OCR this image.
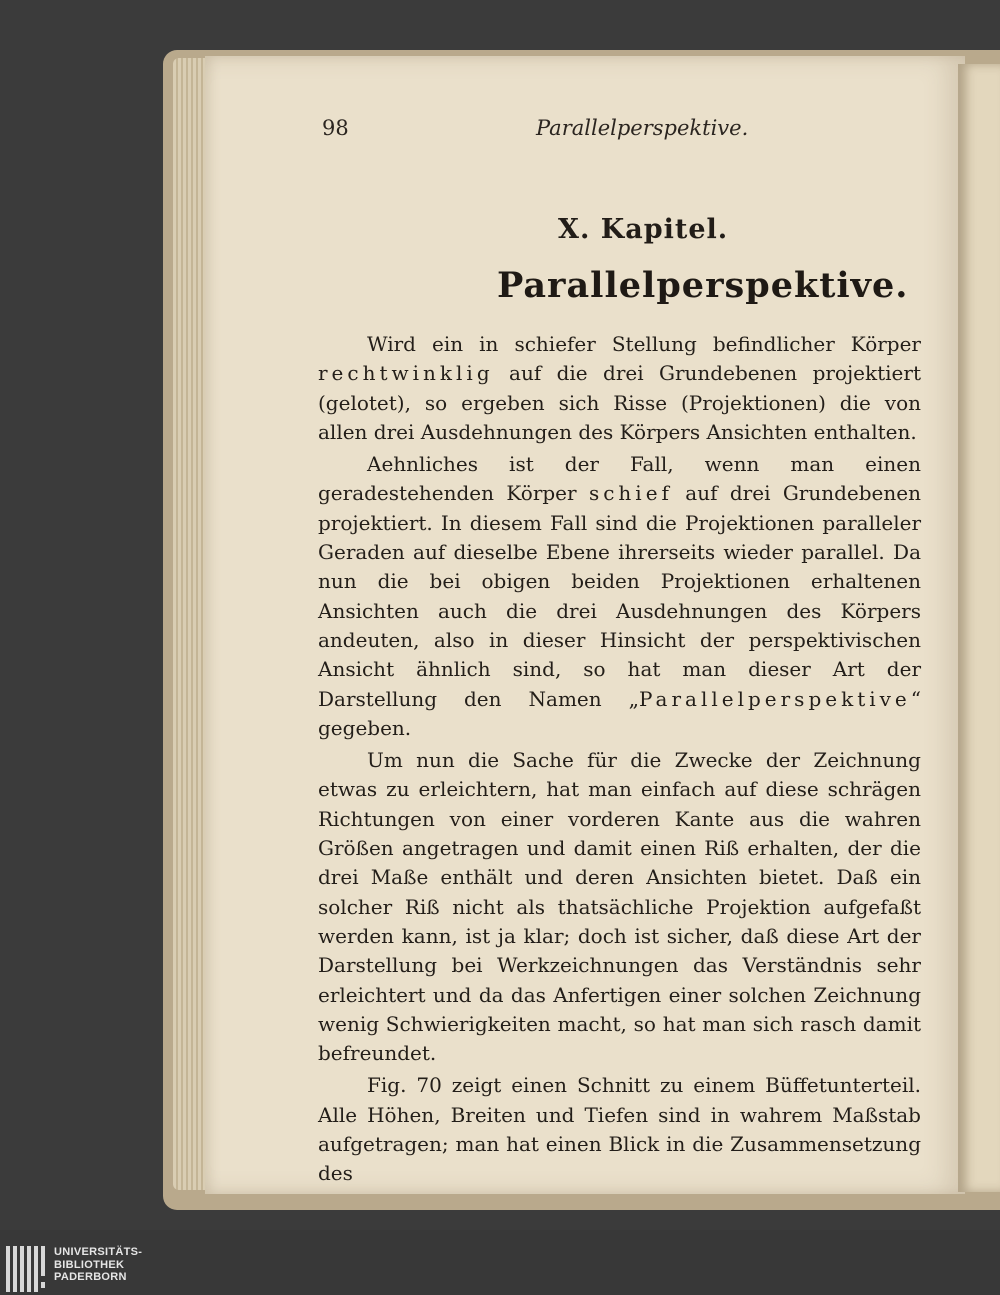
98	Parallelperspektive.
X. Kapitel.
Parallelperspektive.

Wird ein in schiefer Stellung befindlicher Körper rechtwinklig auf die drei Grundebenen projektiert (gelotet), so ergeben sich Risse (Projektionen) die von allen drei Ausdehnungen des Körpers Ansichten enthalten.

Aehnliches ist der Fall, wenn man einen geradestehenden Körper schief auf drei Grundebenen projektiert. In diesem Fall sind die Projektionen paralleler Geraden auf dieselbe Ebene ihrerseits wieder parallel. Da nun die bei obigen beiden Projektionen erhaltenen Ansichten auch die drei Ausdehnungen des Körpers andeuten, also in dieser Hinsicht der perspektivischen Ansicht ähnlich sind, so hat man dieser Art der Darstellung den Namen „Parallelperspektive“ gegeben.

Um nun die Sache für die Zwecke der Zeichnung etwas zu erleichtern, hat man einfach auf diese schrägen Richtungen von einer vorderen Kante aus die wahren Größen angetragen und damit einen Riß erhalten, der die drei Maße enthält und deren Ansichten bietet. Daß ein solcher Riß nicht als thatsächliche Projektion aufgefaßt werden kann, ist ja klar; doch ist sicher, daß diese Art der Darstellung bei Werkzeichnungen das Verständnis sehr erleichtert und da das Anfertigen einer solchen Zeichnung wenig Schwierigkeiten macht, so hat man sich rasch damit befreundet.

Fig. 70 zeigt einen Schnitt zu einem Büffetunterteil. Alle Höhen, Breiten und Tiefen sind in wahrem Maßstab aufgetragen; man hat einen Blick in die Zusammensetzung des

UNIVERSITÄTS-
BIBLIOTHEK
PADERBORN
